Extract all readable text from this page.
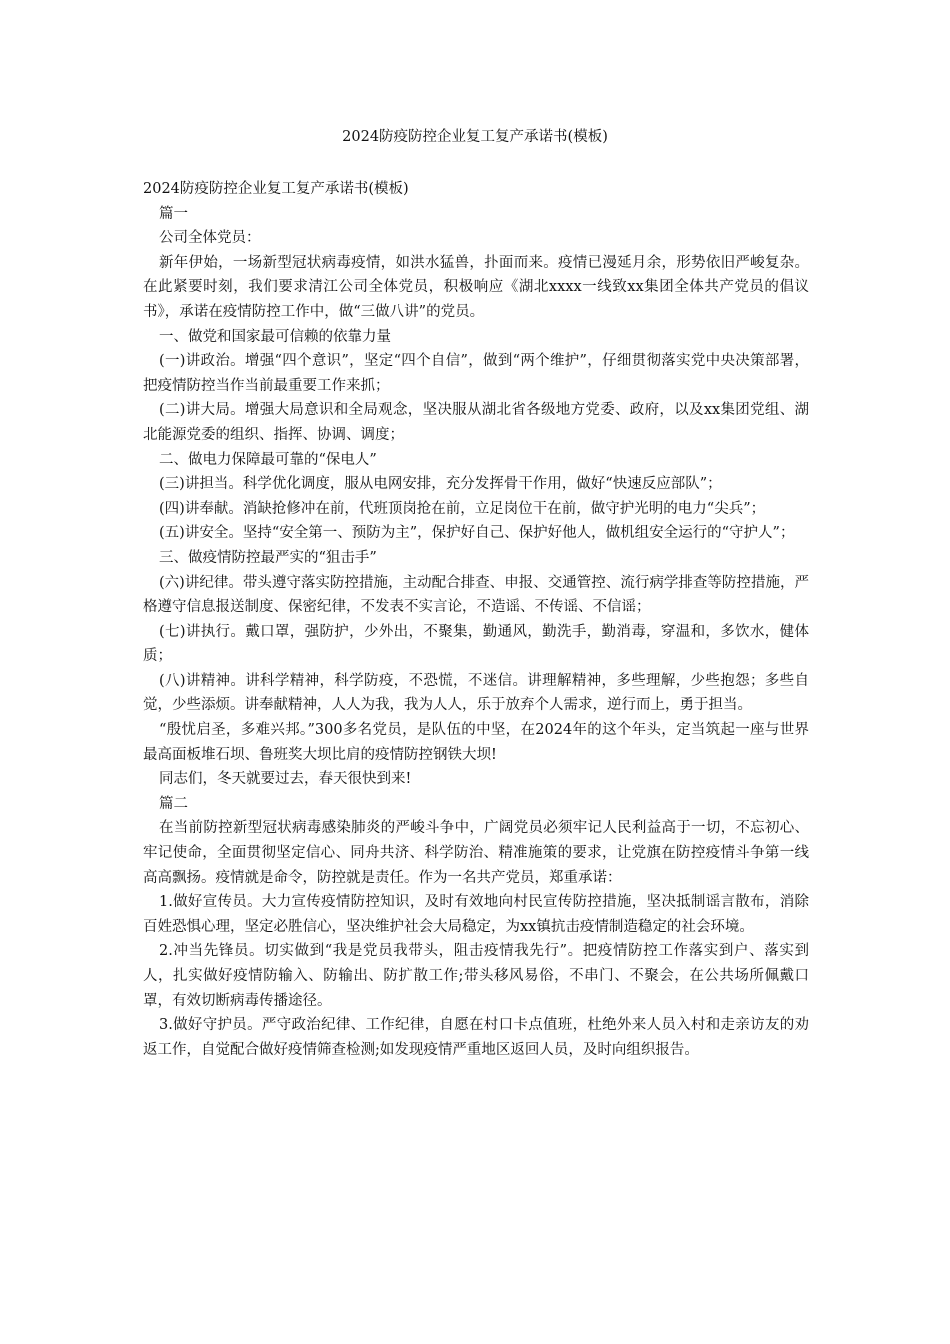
2024防疫防控企业复工复产承诺书(模板)

2024防疫防控企业复工复产承诺书(模板)

篇一

公司全体党员：

新年伊始，一场新型冠状病毒疫情，如洪水猛兽，扑面而来。疫情已漫延月余，形势依旧严峻复杂。在此紧要时刻，我们要求清江公司全体党员，积极响应《湖北xxxx一线致xx集团全体共产党员的倡议书》，承诺在疫情防控工作中，做“三做八讲”的党员。

一、做党和国家最可信赖的依靠力量

(一)讲政治。增强“四个意识”，坚定“四个自信”，做到“两个维护”，仔细贯彻落实党中央决策部署，把疫情防控当作当前最重要工作来抓；

(二)讲大局。增强大局意识和全局观念，坚决服从湖北省各级地方党委、政府，以及xx集团党组、湖北能源党委的组织、指挥、协调、调度；

二、做电力保障最可靠的“保电人”

(三)讲担当。科学优化调度，服从电网安排，充分发挥骨干作用，做好“快速反应部队”；

(四)讲奉献。消缺抢修冲在前，代班顶岗抢在前，立足岗位干在前，做守护光明的电力“尖兵”；

(五)讲安全。坚持“安全第一、预防为主”，保护好自己、保护好他人，做机组安全运行的“守护人”；

三、做疫情防控最严实的“狙击手”

(六)讲纪律。带头遵守落实防控措施，主动配合排查、申报、交通管控、流行病学排查等防控措施，严格遵守信息报送制度、保密纪律，不发表不实言论，不造谣、不传谣、不信谣；

(七)讲执行。戴口罩，强防护，少外出，不聚集，勤通风，勤洗手，勤消毒，穿温和，多饮水，健体质；

(八)讲精神。讲科学精神，科学防疫，不恐慌，不迷信。讲理解精神，多些理解，少些抱怨；多些自觉，少些添烦。讲奉献精神，人人为我，我为人人，乐于放弃个人需求，逆行而上，勇于担当。

“殷忧启圣，多难兴邦。”300多名党员，是队伍的中坚，在2024年的这个年头，定当筑起一座与世界最高面板堆石坝、鲁班奖大坝比肩的疫情防控钢铁大坝!

同志们，冬天就要过去，春天很快到来!

篇二

在当前防控新型冠状病毒感染肺炎的严峻斗争中，广阔党员必须牢记人民利益高于一切，不忘初心、牢记使命，全面贯彻坚定信心、同舟共济、科学防治、精准施策的要求，让党旗在防控疫情斗争第一线高高飘扬。疫情就是命令，防控就是责任。作为一名共产党员，郑重承诺：

1.做好宣传员。大力宣传疫情防控知识，及时有效地向村民宣传防控措施，坚决抵制谣言散布，消除百姓恐惧心理，坚定必胜信心，坚决维护社会大局稳定，为xx镇抗击疫情制造稳定的社会环境。

2.冲当先锋员。切实做到“我是党员我带头，阻击疫情我先行”。把疫情防控工作落实到户、落实到人，扎实做好疫情防输入、防输出、防扩散工作;带头移风易俗，不串门、不聚会，在公共场所佩戴口罩，有效切断病毒传播途径。

3.做好守护员。严守政治纪律、工作纪律，自愿在村口卡点值班，杜绝外来人员入村和走亲访友的劝返工作，自觉配合做好疫情筛查检测;如发现疫情严重地区返回人员，及时向组织报告。
